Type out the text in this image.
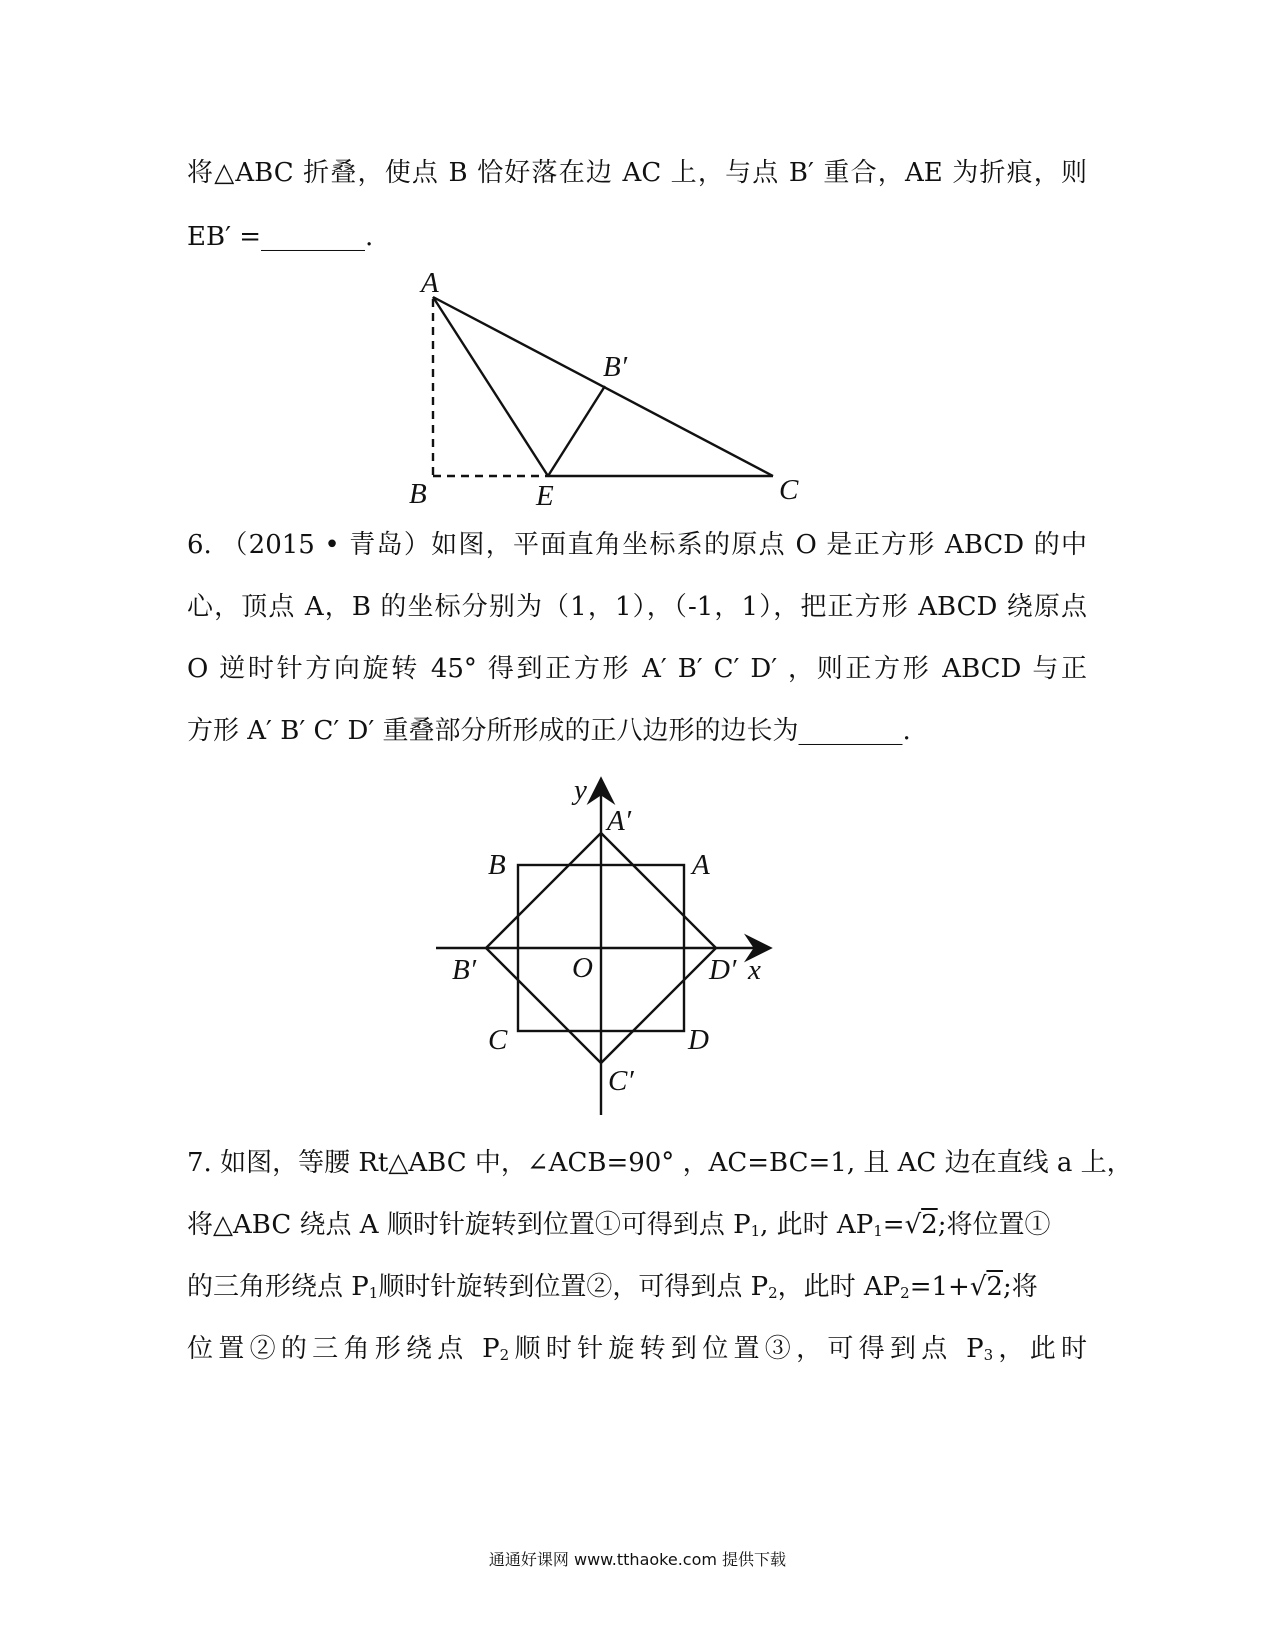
将△ABC 折叠，使点 B 恰好落在边 AC 上，与点 B′ 重合，AE 为折痕，则
EB′ =________.
A
B	E	C
B′
6. （2015 • 青岛）如图，平面直角坐标系的原点 O 是正方形 ABCD 的中
心，顶点 A，B 的坐标分别为（1，1），（-1，1），把正方形 ABCD 绕原点
O 逆时针方向旋转 45° 得到正方形 A′ B′ C′ D′ ，则正方形 ABCD 与正
方形 A′ B′ C′ D′ 重叠部分所形成的正八边形的边长为________.
y
A′
B	A
B′	O	D′ x
C	D
C′
7. 如图，等腰 Rt△ABC 中，∠ACB=90° ，AC=BC=1, 且 AC 边在直线 a 上，
将△ABC 绕点 A 顺时针旋转到位置①可得到点 $P_1$, 此时 $AP_1=√2$;将位置①
的三角形绕点 $P_1$顺时针旋转到位置②，可得到点 $P_2$，此时 $AP_2=1+√2$;将
位置②的三角形绕点 $P_2$顺时针旋转到位置③，可得到点 $P_3$，此时
通通好课网 www.tthaoke.com 提供下载
